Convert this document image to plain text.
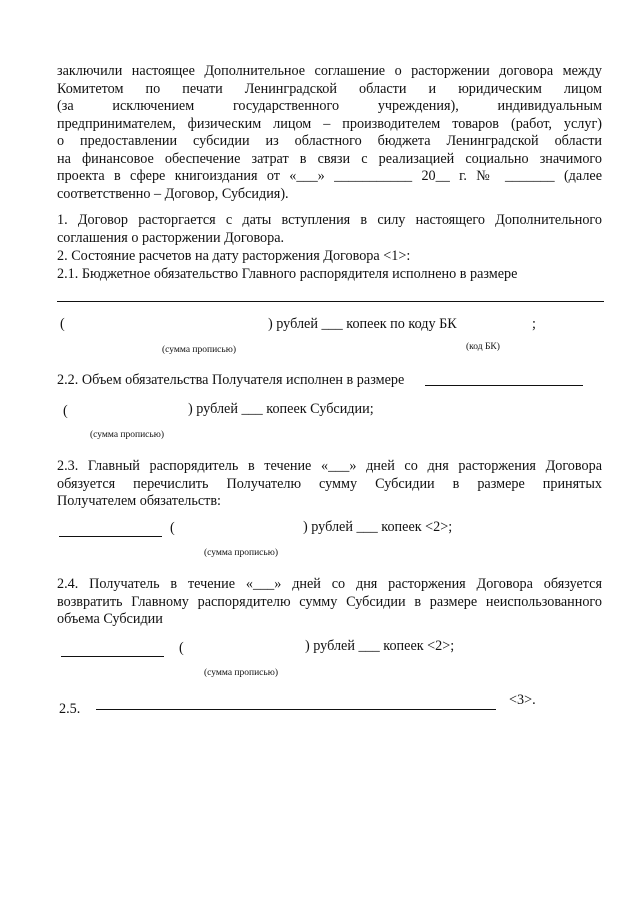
заключили настоящее Дополнительное соглашение о расторжении договора между
Комитетом по печати Ленинградской области и юридическим лицом
(за исключением государственного учреждения), индивидуальным
предпринимателем, физическим лицом – производителем товаров (работ, услуг)
о предоставлении субсидии из областного бюджета Ленинградской области
на финансовое обеспечение затрат в связи с реализацией социально значимого
проекта в сфере книгоиздания от «___» ___________ 20__ г. № _______ (далее
соответственно – Договор, Субсидия).
1. Договор расторгается с даты вступления в силу настоящего Дополнительного
соглашения о расторжении Договора.
2. Состояние расчетов на дату расторжения Договора <1>:
2.1. Бюджетное обязательство Главного распорядителя исполнено в размере
(	) рублей ___ копеек по коду БК	;
(сумма прописью)	(код БК)
2.2. Объем обязательства Получателя исполнен в размере
(	) рублей ___ копеек Субсидии;
(сумма прописью)
2.3. Главный распорядитель в течение «___» дней со дня расторжения Договора
обязуется перечислить Получателю сумму Субсидии в размере принятых
Получателем обязательств:
(	) рублей ___ копеек <2>;
(сумма прописью)
2.4. Получатель в течение «___» дней со дня расторжения Договора обязуется
возвратить Главному распорядителю сумму Субсидии в размере неиспользованного
объема Субсидии
(	) рублей ___ копеек <2>;
(сумма прописью)
2.5.
<3>.
